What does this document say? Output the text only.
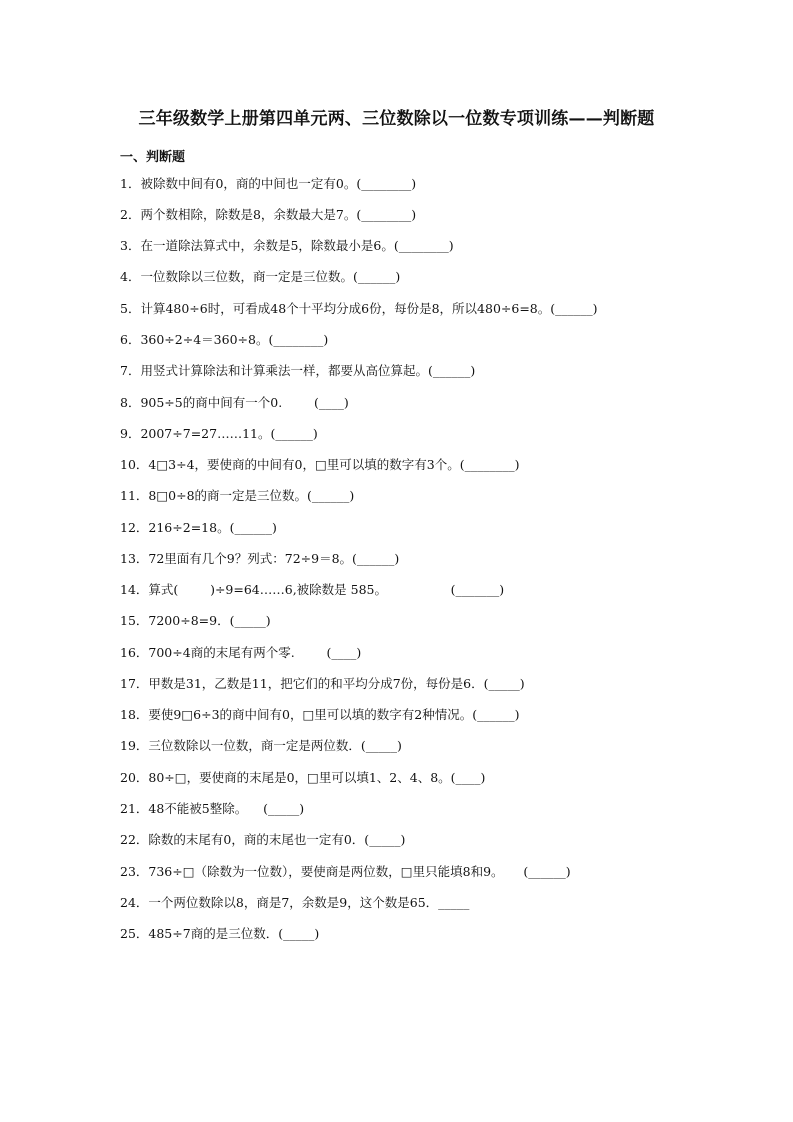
三年级数学上册第四单元两、三位数除以一位数专项训练——判断题
一、判断题
1．被除数中间有0，商的中间也一定有0。(________)
2．两个数相除，除数是8，余数最大是7。(________)
3．在一道除法算式中，余数是5，除数最小是6。(________)
4．一位数除以三位数，商一定是三位数。(______)
5．计算480÷6时，可看成48个十平均分成6份，每份是8，所以480÷6=8。(______)
6．360÷2÷4＝360÷8。(________)
7．用竖式计算除法和计算乘法一样，都要从高位算起。(______)
8．905÷5的商中间有一个0.        (____)
9．2007÷7=27……11。(______)
10．4□3÷4，要使商的中间有0，□里可以填的数字有3个。(________)
11．8□0÷8的商一定是三位数。(______)
12．216÷2=18。(______)
13．72里面有几个9？列式：72÷9＝8。(______)
14．算式(        )÷9=64……6,被除数是 585。                (_______)
15．7200÷8=9．(_____)
16．700÷4商的末尾有两个零.        (____)
17．甲数是31，乙数是11，把它们的和平均分成7份，每份是6．(_____)
18．要使9□6÷3的商中间有0，□里可以填的数字有2种情况。(______)
19．三位数除以一位数，商一定是两位数．(_____)
20．80÷□，要使商的末尾是0，□里可以填1、2、4、8。(____)
21．48不能被5整除。    (_____)
22．除数的末尾有0，商的末尾也一定有0．(_____)
23．736÷□（除数为一位数），要使商是两位数，□里只能填8和9。     (______)
24．一个两位数除以8，商是7，余数是9，这个数是65．_____
25．485÷7商的是三位数．(_____)
